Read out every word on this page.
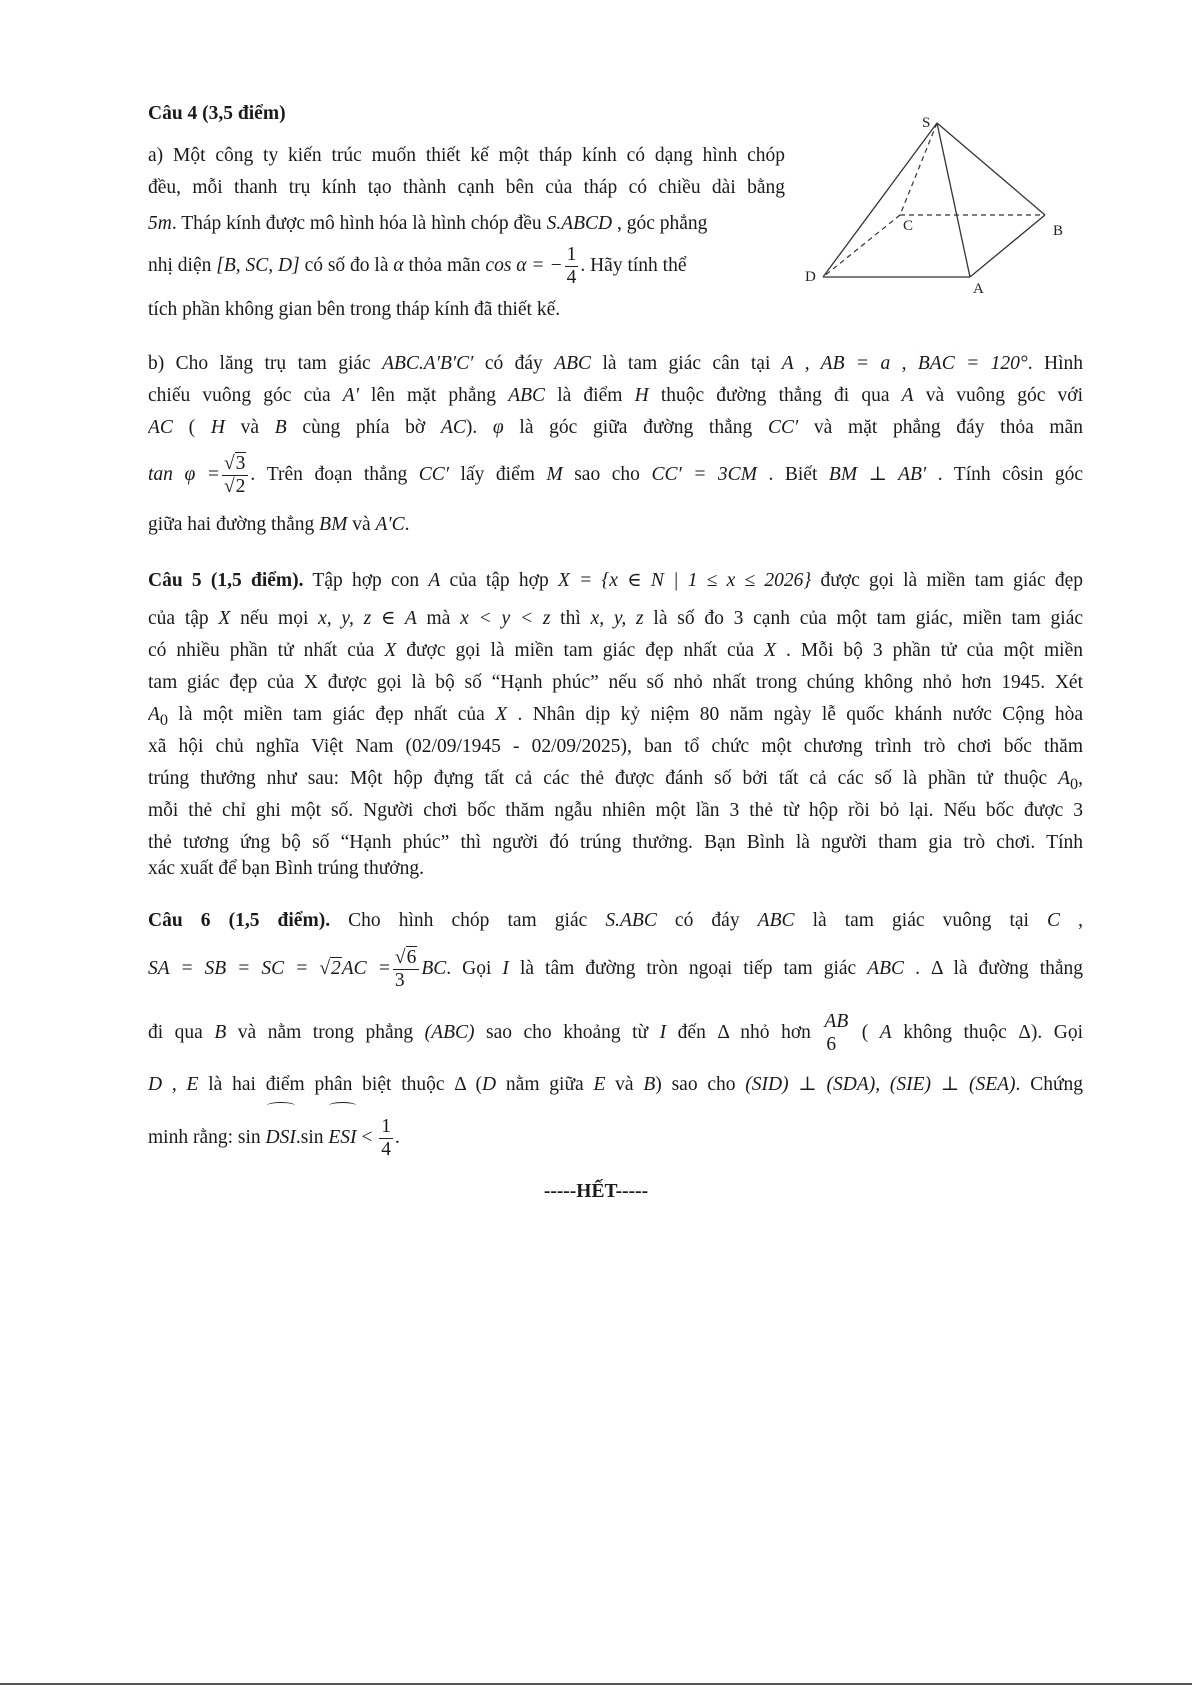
Câu 4 (3,5 điểm)
a) Một công ty kiến trúc muốn thiết kế một tháp kính có dạng hình chóp
đều, mỗi thanh trụ kính tạo thành cạnh bên của tháp có chiều dài bằng
5m. Tháp kính được mô hình hóa là hình chóp đều S.ABCD , góc phẳng
nhị diện [B, SC, D] có số đo là α thỏa mãn cos α = − $\frac{1}{4}$ . Hãy tính thể
tích phần không gian bên trong tháp kính đã thiết kế.
S
C	B
D
A
b) Cho lăng trụ tam giác ABC.A′B′C′ có đáy ABC là tam giác cân tại A , AB = a , BAC = 120°. Hình
chiếu vuông góc của A' lên mặt phẳng ABC là điểm H thuộc đường thẳng đi qua A và vuông góc với
AC ( H và B cùng phía bờ AC). φ là góc giữa đường thẳng CC′ và mặt phẳng đáy thỏa mãn
$\tan \varphi = \frac{√3}{√2}$ . Trên đoạn thẳng CC′ lấy điểm M sao cho CC′ = 3CM . Biết BM ⊥ AB′ . Tính côsin góc
giữa hai đường thẳng BM và A′C.
Câu 5 (1,5 điểm). Tập hợp con A của tập hợp X = {x ∈ N | 1 ≤ x ≤ 2026} được gọi là miền tam giác đẹp
của tập X nếu mọi x, y, z ∈ A mà x < y < z thì x, y, z là số đo 3 cạnh của một tam giác, miền tam giác
có nhiều phần tử nhất của X được gọi là miền tam giác đẹp nhất của X . Mỗi bộ 3 phần tử của một miền
tam giác đẹp của X được gọi là bộ số “Hạnh phúc” nếu số nhỏ nhất trong chúng không nhỏ hơn 1945. Xét
$A_0$ là một miền tam giác đẹp nhất của X . Nhân dịp kỷ niệm 80 năm ngày lễ quốc khánh nước Cộng hòa
xã hội chủ nghĩa Việt Nam (02/09/1945 - 02/09/2025), ban tổ chức một chương trình trò chơi bốc thăm
trúng thưởng như sau: Một hộp đựng tất cả các thẻ được đánh số bởi tất cả các số là phần tử thuộc $A_0$,
mỗi thẻ chỉ ghi một số. Người chơi bốc thăm ngẫu nhiên một lần 3 thẻ từ hộp rồi bỏ lại. Nếu bốc được 3
thẻ tương ứng bộ số “Hạnh phúc” thì người đó trúng thưởng. Bạn Bình là người tham gia trò chơi. Tính
xác xuất để bạn Bình trúng thưởng.
Câu 6 (1,5 điểm). Cho hình chóp tam giác S.ABC có đáy ABC là tam giác vuông tại C ,
SA = SB = SC = $√2AC = \frac{√6}{3}$ BC. Gọi I là tâm đường tròn ngoại tiếp tam giác ABC . Δ là đường thẳng
đi qua B và nằm trong phẳng (ABC) sao cho khoảng từ I đến Δ nhỏ hơn
AB
6
( A không thuộc Δ). Gọi
D , E là hai điểm phân biệt thuộc Δ (D nằm giữa E và B) sao cho (SID) ⊥ (SDA), (SIE) ⊥ (SEA). Chứng
minh rằng: sin DSI.sin ESI < $\frac{1}{4}$ .
-----HẾT-----
